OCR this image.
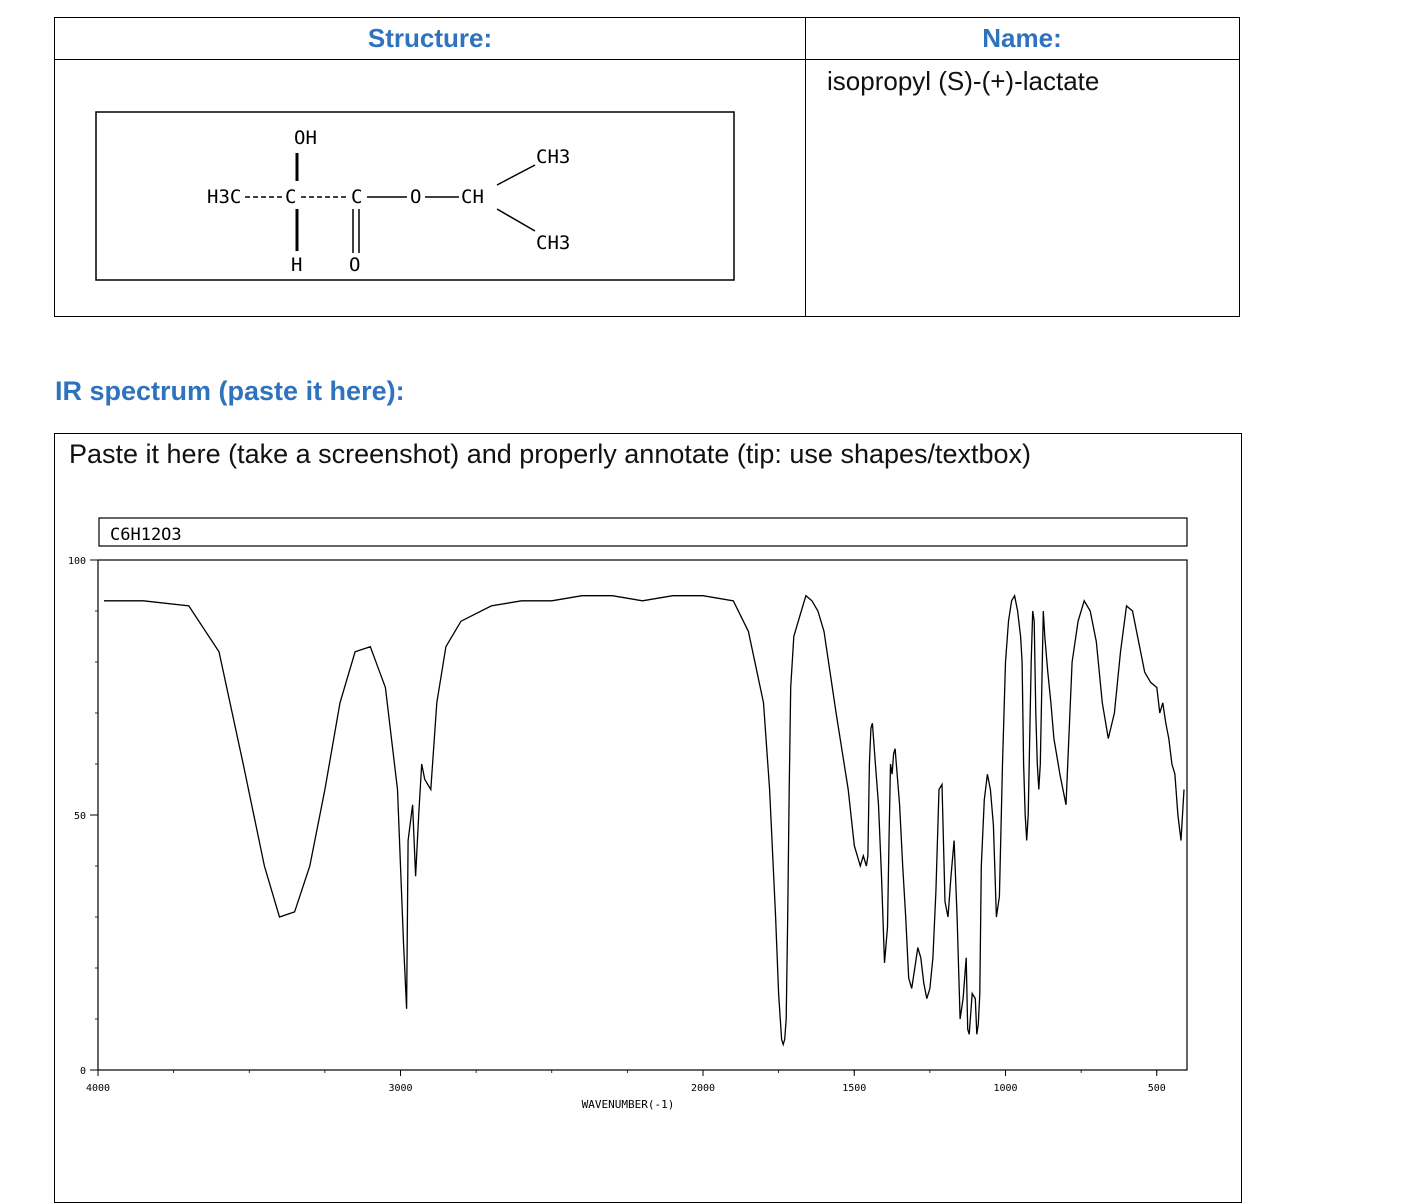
Structure:	Name:
isopropyl (S)-(+)-lactate
OH
H3C C	C	O CH
CH3
CH3
H O
IR spectrum (paste it here):
Paste it here (take a screenshot) and properly annotate (tip: use shapes/textbox)
C6H12O3
0
50
100
4000	3000	2000	1500	1000	500
WAVENUMBER(-1)
